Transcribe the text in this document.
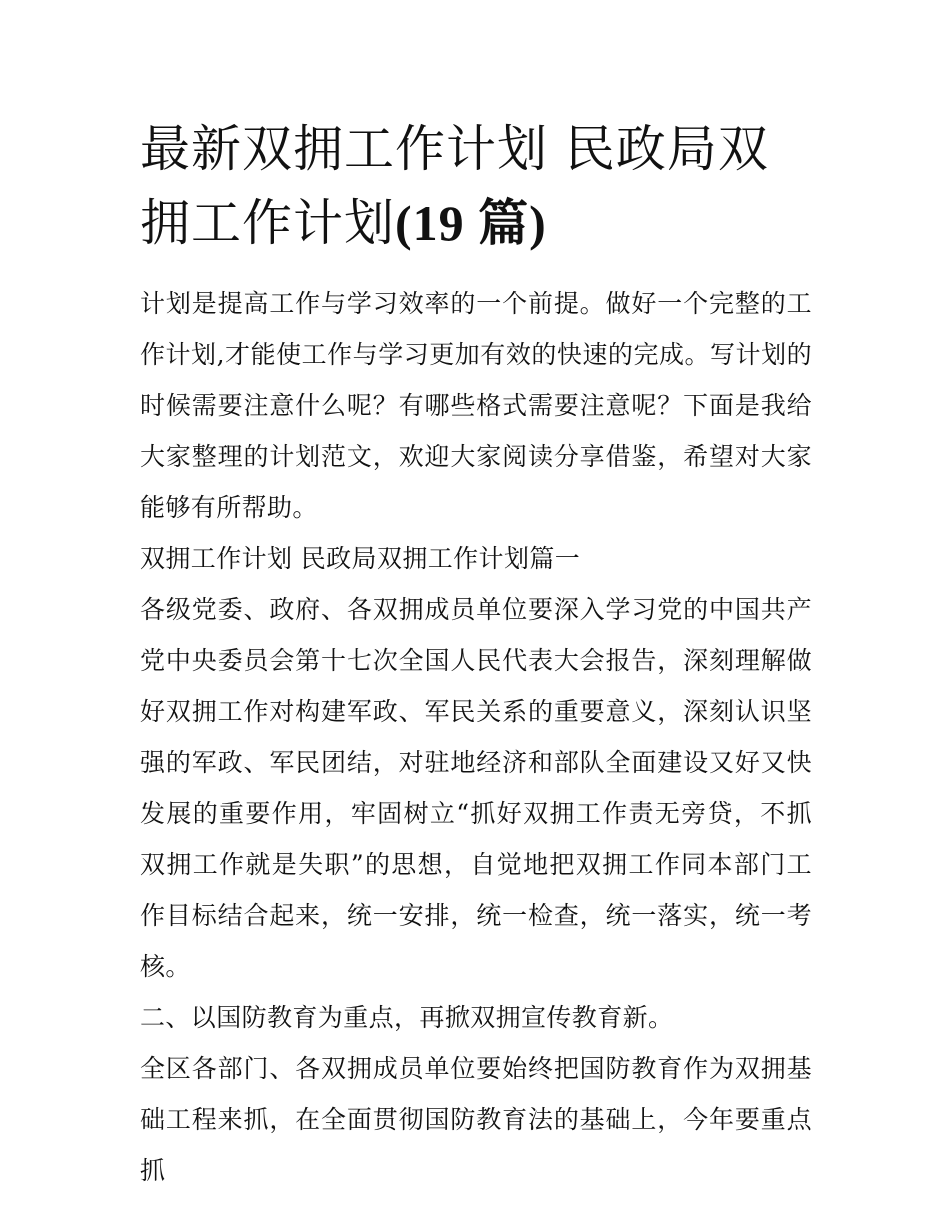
最新双拥工作计划 民政局双拥工作计划(19 篇)

计划是提高工作与学习效率的一个前提。做好一个完整的工作计划,才能使工作与学习更加有效的快速的完成。写计划的时候需要注意什么呢？有哪些格式需要注意呢？下面是我给大家整理的计划范文，欢迎大家阅读分享借鉴，希望对大家能够有所帮助。

双拥工作计划 民政局双拥工作计划篇一

各级党委、政府、各双拥成员单位要深入学习党的中国共产党中央委员会第十七次全国人民代表大会报告，深刻理解做好双拥工作对构建军政、军民关系的重要意义，深刻认识坚强的军政、军民团结，对驻地经济和部队全面建设又好又快发展的重要作用，牢固树立“抓好双拥工作责无旁贷，不抓双拥工作就是失职”的思想，自觉地把双拥工作同本部门工作目标结合起来，统一安排，统一检查，统一落实，统一考核。

二、以国防教育为重点，再掀双拥宣传教育新。

全区各部门、各双拥成员单位要始终把国防教育作为双拥基础工程来抓，在全面贯彻国防教育法的基础上，今年要重点抓
